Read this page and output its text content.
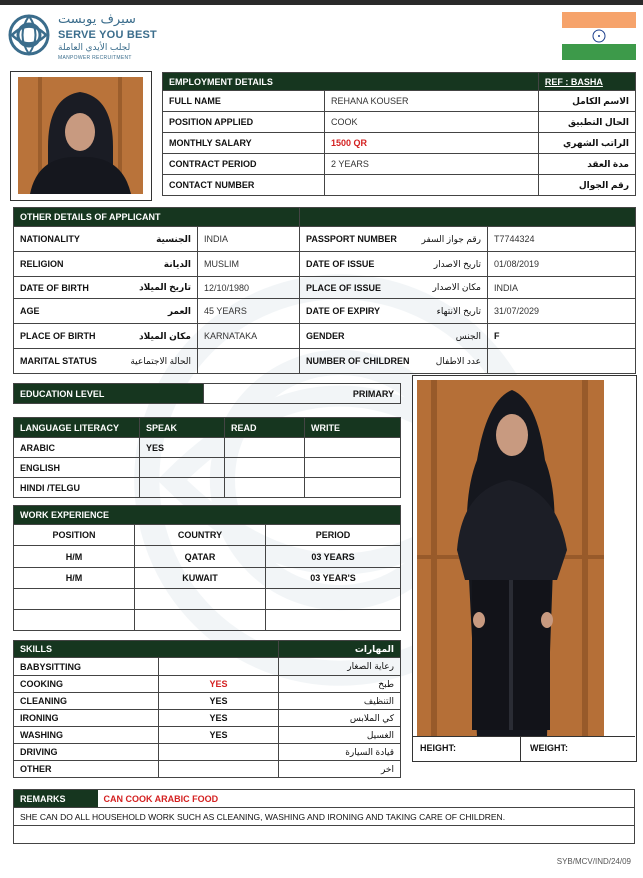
سيرف يوبست
SERVE YOU BEST
لجلب الأيدي العاملة
MANPOWER RECRUITMENT
EMPLOYMENT DETAILS		REF : BASHA
FULL NAME	REHANA KOUSER	الاسم الكامل
POSITION APPLIED	COOK	الحال التطبيق
MONTHLY SALARY	1500 QR	الراتب الشهري
CONTRACT PERIOD	2 YEARS	مدة العقد
CONTACT NUMBER		رقم الجوال
OTHER DETAILS OF APPLICANT					
NATIONALITY	الجنسية	INDIA	PASSPORT NUMBER	رقم جواز السفر	T7744324
RELIGION	الديانة	MUSLIM	DATE OF ISSUE	تاريخ الاصدار	01/08/2019
DATE OF BIRTH	تاريخ الميلاد	12/10/1980	PLACE OF ISSUE	مكان الاصدار	INDIA
AGE	العمر	45 YEARS	DATE OF EXPIRY	تاريخ الانتهاء	31/07/2029
PLACE OF BIRTH	مكان الميلاد	KARNATAKA	GENDER	الجنس	F
MARITAL STATUS	الحالة الاجتماعية		NUMBER OF CHILDREN	عدد الاطفال	
EDUCATION LEVEL	PRIMARY
LANGUAGE LITERACY	SPEAK	READ	WRITE
ARABIC	YES		
ENGLISH			
HINDI /TELGU			
WORK EXPERIENCE		
POSITION	COUNTRY	PERIOD
H/M	QATAR	03 YEARS
H/M	KUWAIT	03 YEAR'S

SKILLS		المهارات
BABYSITTING		رعاية الصغار
COOKING	YES	طبخ
CLEANING	YES	التنظيف
IRONING	YES	كي الملابس
WASHING	YES	الغسيل
DRIVING		قيادة السيارة
OTHER		اخر
HEIGHT:	WEIGHT:
REMARKS	CAN COOK ARABIC FOOD
SHE CAN DO ALL HOUSEHOLD WORK SUCH AS CLEANING, WASHING AND IRONING AND TAKING CARE OF CHILDREN.

SYB/MCV/IND/24/09
